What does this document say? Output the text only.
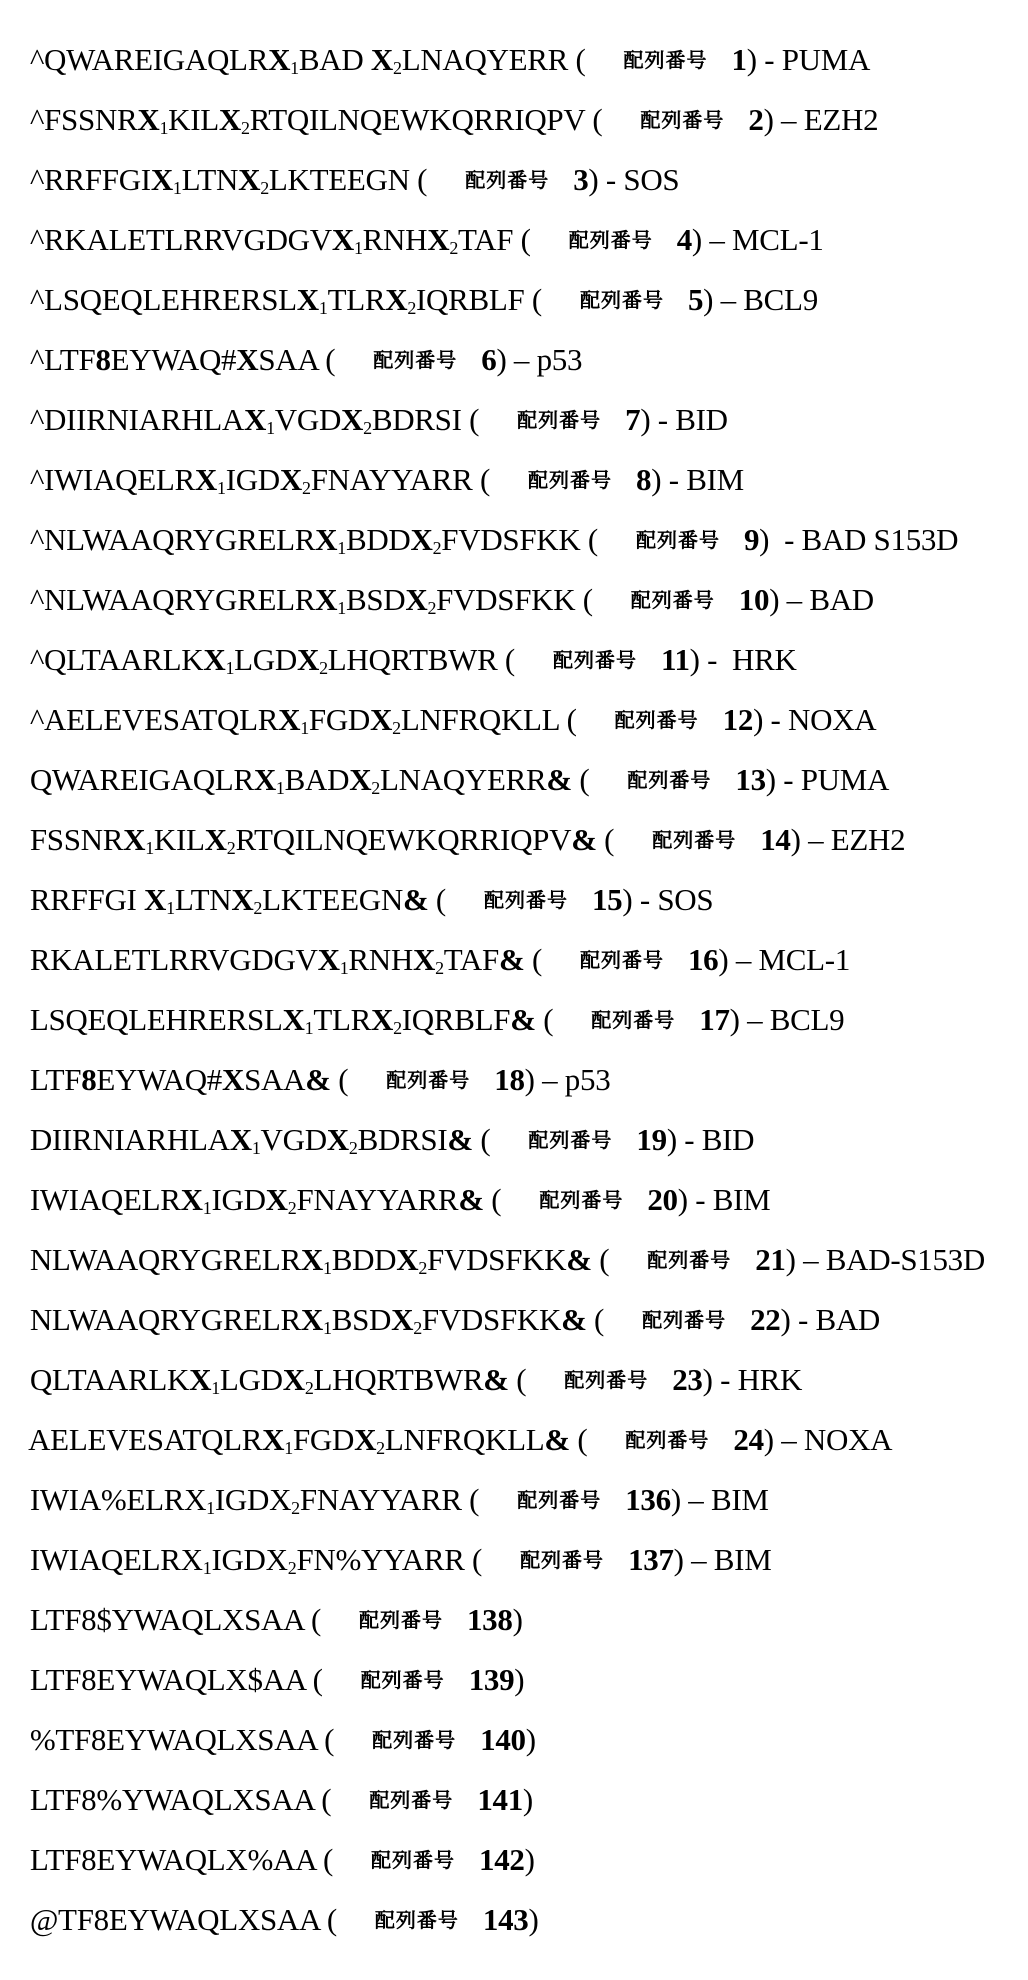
$\^{}QWAREIGAQLRX_1BAD$ $X_2LNAQYERR$ ( 配列番号 1) - PUMA

$\^{}FSSNRX_1KILX_2RTQILNQEWKQRRIQPV$ ( 配列番号 2) – EZH2

$\^{}RRFFGIX_1LTNX_2LKTEEGN$ ( 配列番号 3) - SOS

$\^{}RKALETLRRVGDGVX_1RNHX_2TAF$ ( 配列番号 4) – MCL-1

$\^{}LSQEQLEHRERSLX_1TLRX_2IQRBLF$ ( 配列番号 5) – BCL9

^LTF8EYWAQ#XSAA ( 配列番号 6) – p53

$\^{}DIIRNIARHLAX_1VGDX_2BDRSI$ ( 配列番号 7) - BID

$\^{}IWIAQELRX_1IGDX_2FNAYYARR$ ( 配列番号 8) - BIM

$\^{}NLWAAQRYGRELRX_1BDDX_2FVDSFKK$ ( 配列番号 9)  - BAD S153D

$\^{}NLWAAQRYGRELRX_1BSDX_2FVDSFKK$ ( 配列番号 10) – BAD

$\^{}QLTAARLKX_1LGDX_2LHQRTBWR$ ( 配列番号 11) -  HRK

$\^{}AELEVESATQLRX_1FGDX_2LNFRQKLL$ ( 配列番号 12) - NOXA

$QWAREIGAQLRX_1BADX_2LNAQYERR\&$ ( 配列番号 13) - PUMA

$FSSNRX_1KILX_2RTQILNQEWKQRRIQPV\&$ ( 配列番号 14) – EZH2

RRFFGI $X_1LTNX_2LKTEEGN\&$ ( 配列番号 15) - SOS

$RKALETLRRVGDGVX_1RNHX_2TAF\&$ ( 配列番号 16) – MCL-1

$LSQEQLEHRERSLX_1TLRX_2IQRBLF\&$ ( 配列番号 17) – BCL9

LTF8EYWAQ#XSAA& ( 配列番号 18) – p53

$DIIRNIARHLAX_1VGDX_2BDRSI\&$ ( 配列番号 19) - BID

$IWIAQELRX_1IGDX_2FNAYYARR\&$ ( 配列番号 20) - BIM

$NLWAAQRYGRELRX_1BDDX_2FVDSFKK\&$ ( 配列番号 21) – BAD-S153D

$NLWAAQRYGRELRX_1BSDX_2FVDSFKK\&$ ( 配列番号 22) - BAD

$QLTAARLKX_1LGDX_2LHQRTBWR\&$ ( 配列番号 23) - HRK

$AELEVESATQLRX_1FGDX_2LNFRQKLL\&$ ( 配列番号 24) – NOXA

$IWIA\%ELRX_1IGDX_2FNAYYARR$ ( 配列番号 136) – BIM

$IWIAQELRX_1IGDX_2FN\%YYARR$ ( 配列番号 137) – BIM

LTF8$YWAQLXSAA ( 配列番号 138)

LTF8EYWAQLX$AA ( 配列番号 139)

%TF8EYWAQLXSAA ( 配列番号 140)

LTF8%YWAQLXSAA ( 配列番号 141)

LTF8EYWAQLX%AA ( 配列番号 142)

@TF8EYWAQLXSAA ( 配列番号 143)
